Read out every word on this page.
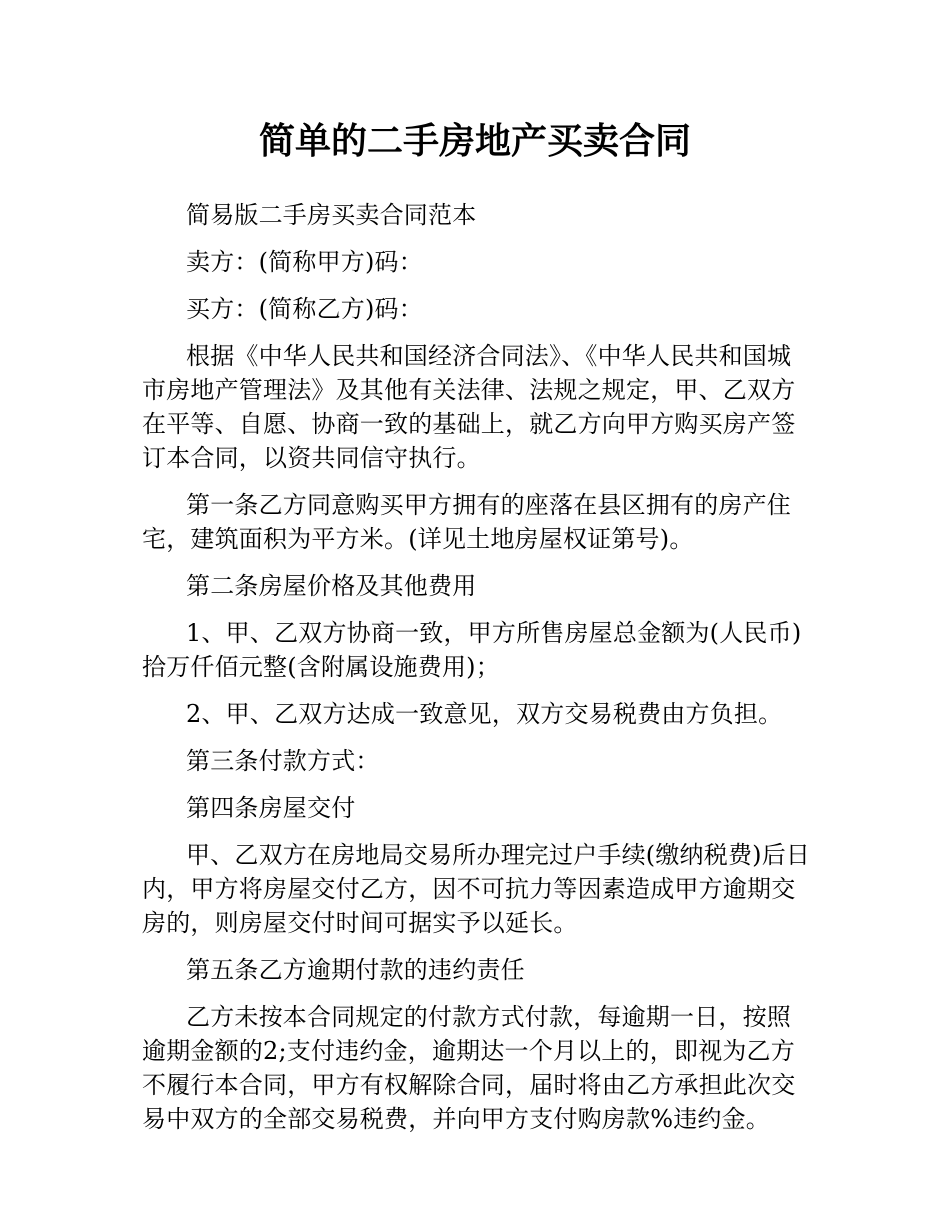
简单的二手房地产买卖合同

简易版二手房买卖合同范本

卖方：(简称甲方)码：

买方：(简称乙方)码：

根据《中华人民共和国经济合同法》、《中华人民共和国城市房地产管理法》及其他有关法律、法规之规定，甲、乙双方在平等、自愿、协商一致的基础上，就乙方向甲方购买房产签订本合同，以资共同信守执行。

第一条乙方同意购买甲方拥有的座落在县区拥有的房产住宅，建筑面积为平方米。(详见土地房屋权证第号)。

第二条房屋价格及其他费用

1、甲、乙双方协商一致，甲方所售房屋总金额为(人民币)拾万仟佰元整(含附属设施费用)；

2、甲、乙双方达成一致意见，双方交易税费由方负担。

第三条付款方式：

第四条房屋交付

甲、乙双方在房地局交易所办理完过户手续(缴纳税费)后日内，甲方将房屋交付乙方，因不可抗力等因素造成甲方逾期交房的，则房屋交付时间可据实予以延长。

第五条乙方逾期付款的违约责任

乙方未按本合同规定的付款方式付款，每逾期一日，按照逾期金额的2;支付违约金，逾期达一个月以上的，即视为乙方不履行本合同，甲方有权解除合同，届时将由乙方承担此次交易中双方的全部交易税费，并向甲方支付购房款%违约金。
